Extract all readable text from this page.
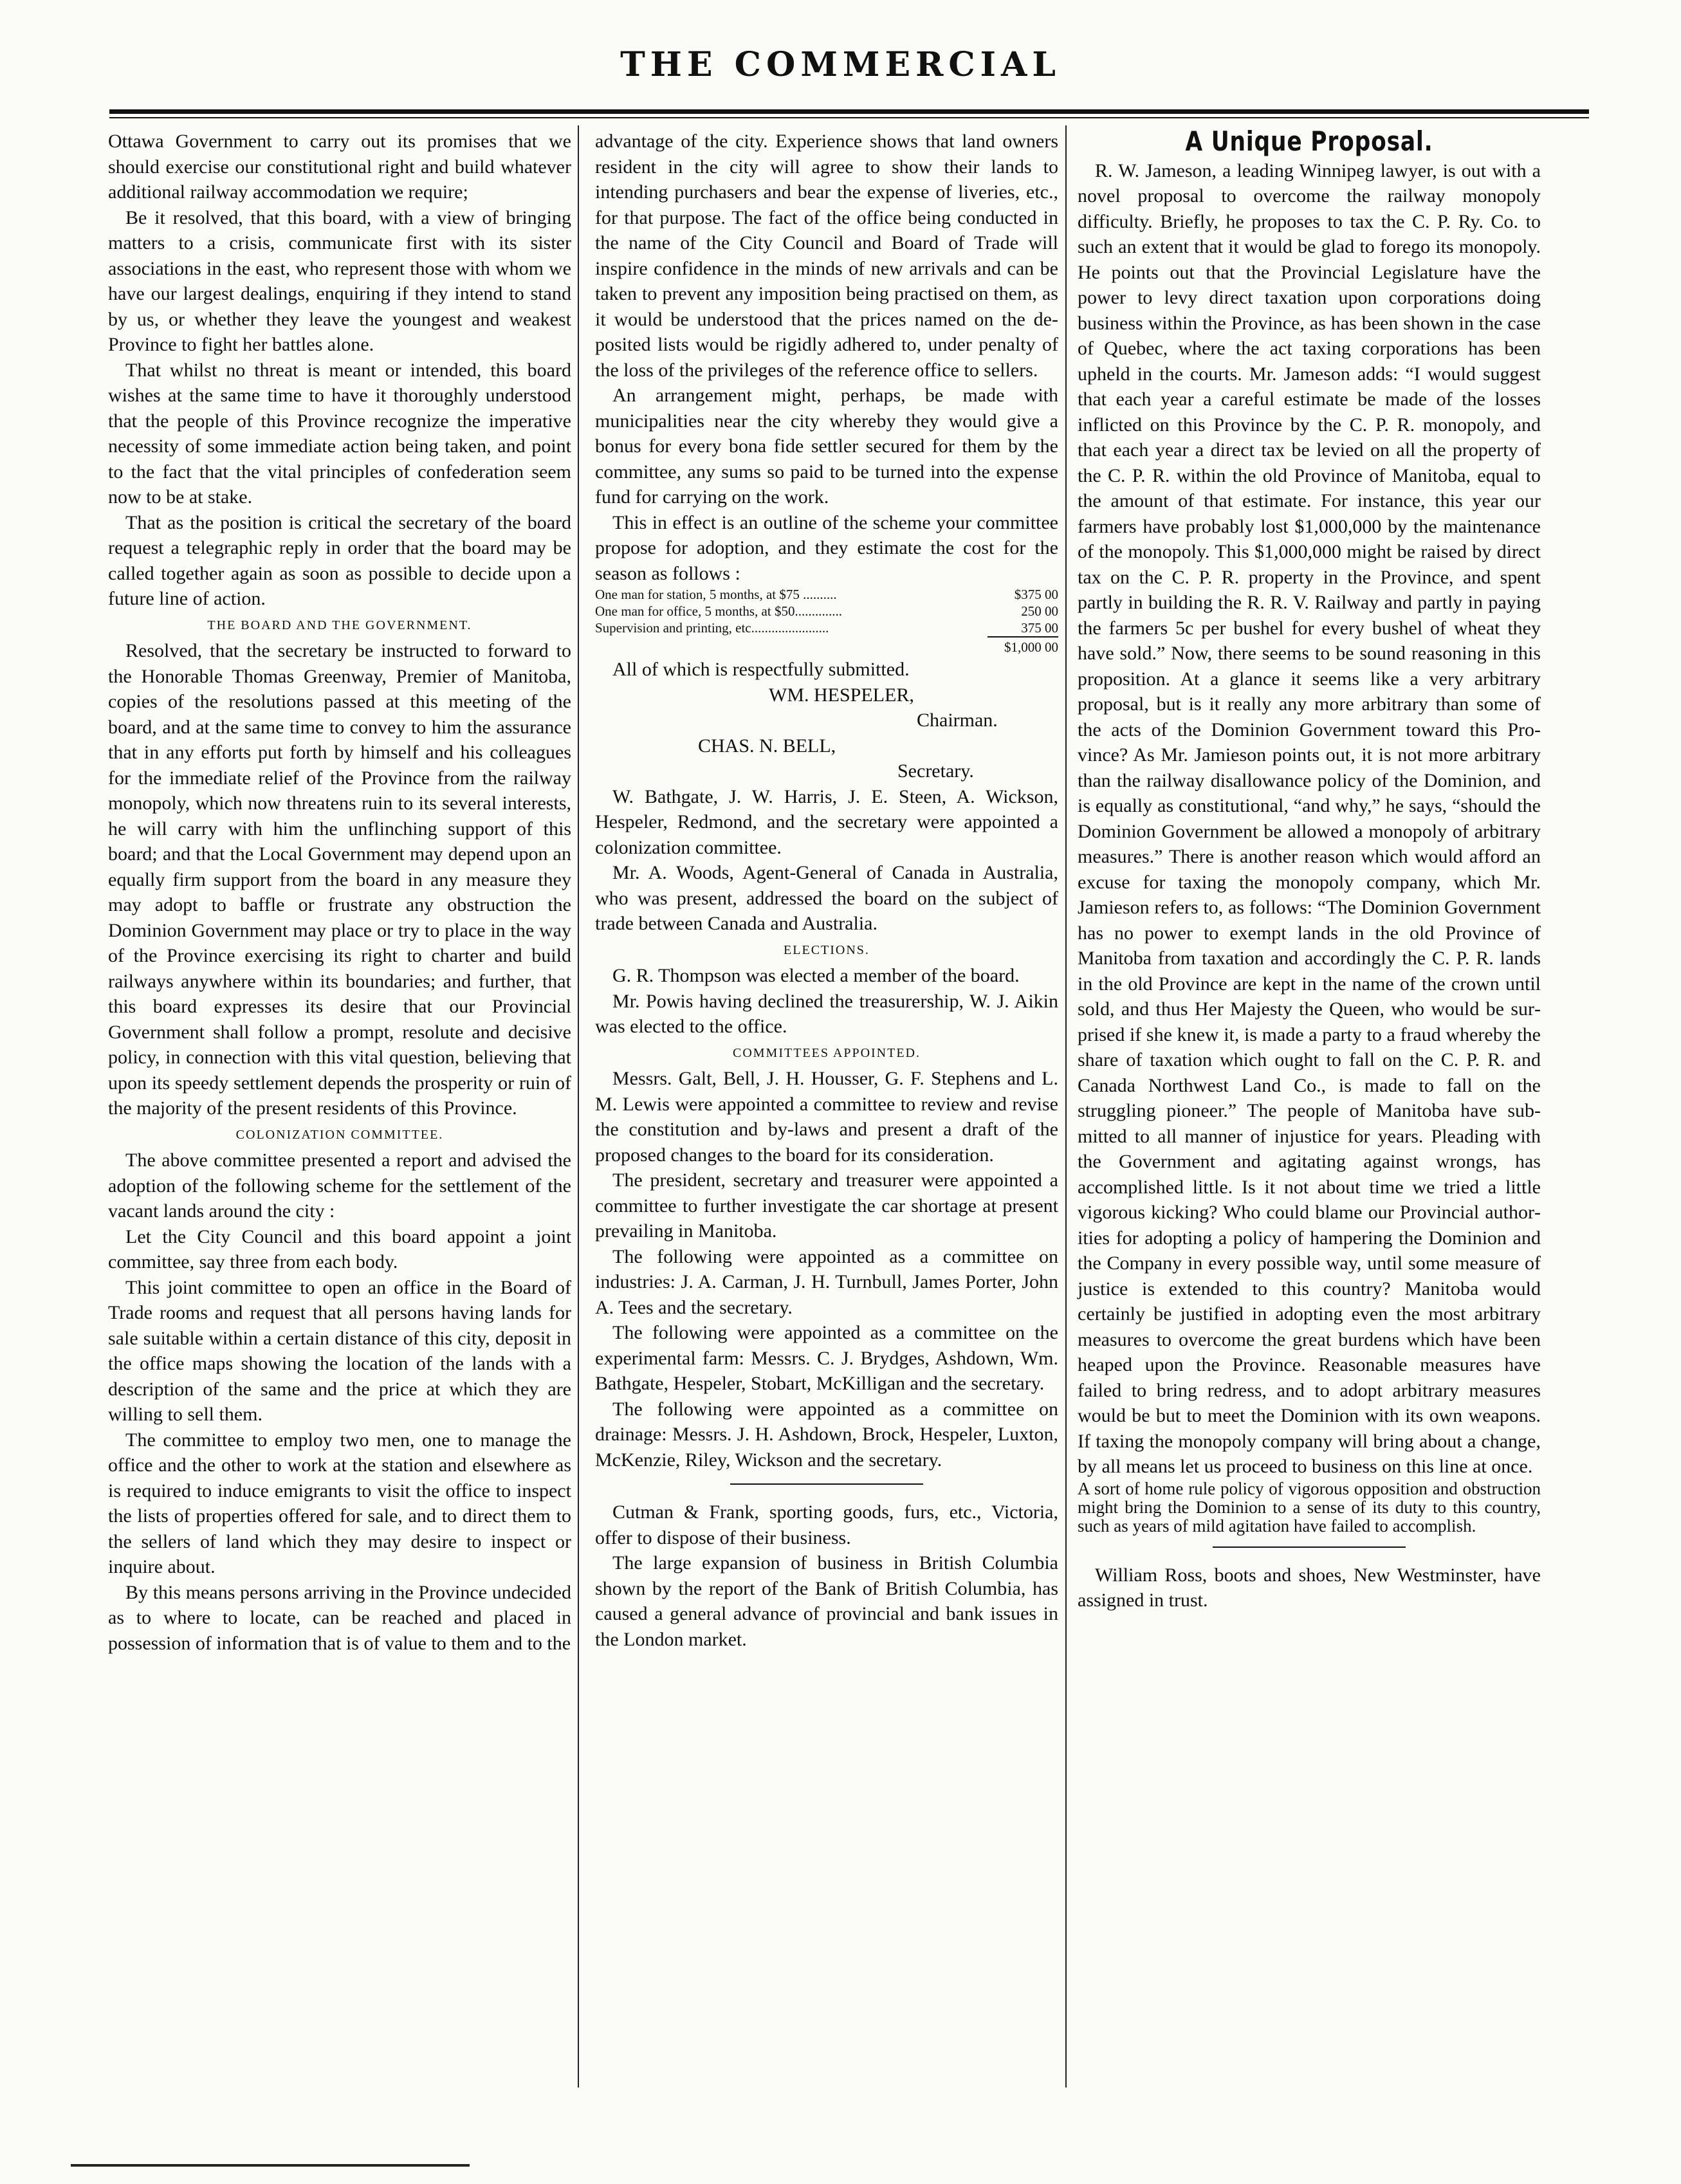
THE COMMERCIAL

Ottawa Government to carry out its promises that we should exercise our constitutional right and build whatever additional railway accommodation we require;

Be it resolved, that this board, with a view of bringing matters to a crisis, communicate first with its sister associations in the east, who represent those with whom we have our largest dealings, enquiring if they intend to stand by us, or whether they leave the youngest and weakest Province to fight her battles alone.

That whilst no threat is meant or intended, this board wishes at the same time to have it thoroughly understood that the people of this Province recognize the imperative necessity of some immediate action being taken, and point to the fact that the vital principles of confederation seem now to be at stake.

That as the position is critical the secretary of the board request a telegraphic reply in order that the board may be called together again as soon as possible to decide upon a future line of action.

THE BOARD AND THE GOVERNMENT.

Resolved, that the secretary be instructed to forward to the Honorable Thomas Greenway, Premier of Manitoba, copies of the resolutions passed at this meeting of the board, and at the same time to convey to him the assurance that in any efforts put forth by himself and his colleagues for the immediate relief of the Province from the railway monopoly, which now threatens ruin to its several interests, he will carry with him the unflinching support of this board; and that the Local Government may depend upon an equally firm support from the board in any measure they may adopt to baffle or frustrate any obstruction the Dominion Government may place or try to place in the way of the Province exercising its right to charter and build railways anywhere within its boundaries; and further, that this board expresses its desire that our Provincial Government shall follow a prompt, resolute and decisive policy, in connection with this vital question, believing that upon its speedy settlement depends the prosperity or ruin of the majority of the present residents of this Province.

COLONIZATION COMMITTEE.

The above committee presented a report and advised the adoption of the following scheme for the settlement of the vacant lands around the city :

Let the City Council and this board appoint a joint committee, say three from each body.

This joint committee to open an office in the Board of Trade rooms and request that all persons having lands for sale suitable within a certain distance of this city, deposit in the office maps showing the location of the lands with a description of the same and the price at which they are willing to sell them.

The committee to employ two men, one to manage the office and the other to work at the station and elsewhere as is required to induce emigrants to visit the office to inspect the lists of properties offered for sale, and to direct them to the sellers of land which they may desire to inspect or inquire about.

By this means persons arriving in the Province undecided as to where to locate, can be reached and placed in possession of information that is of value to them and to the

advantage of the city. Experience shows that land owners resident in the city will agree to show their lands to intending purchasers and bear the expense of liveries, etc., for that purpose. The fact of the office being conducted in the name of the City Council and Board of Trade will inspire confidence in the minds of new arrivals and can be taken to prevent any imposition being practised on them, as it would be understood that the prices named on the deposited lists would be rigidly adhered to, under penalty of the loss of the privileges of the reference office to sellers.

An arrangement might, perhaps, be made with municipalities near the city whereby they would give a bonus for every bona fide settler secured for them by the committee, any sums so paid to be turned into the expense fund for carrying on the work.

This in effect is an outline of the scheme your committee propose for adoption, and they estimate the cost for the season as follows :

One man for station, 5 months, at $75 ..........	$375 00
One man for office, 5 months, at $50..............	250 00
Supervision and printing, etc.......................	375 00
$1,000 00

All of which is respectfully submitted.

WM. HESPELER,
Chairman.
CHAS. N. BELL,
Secretary.

W. Bathgate, J. W. Harris, J. E. Steen, A. Wickson, Hespeler, Redmond, and the secretary were appointed a colonization committee.

Mr. A. Woods, Agent-General of Canada in Australia, who was present, addressed the board on the subject of trade between Canada and Australia.

ELECTIONS.

G. R. Thompson was elected a member of the board.

Mr. Powis having declined the treasurership, W. J. Aikin was elected to the office.

COMMITTEES APPOINTED.

Messrs. Galt, Bell, J. H. Housser, G. F. Stephens and L. M. Lewis were appointed a committee to review and revise the constitution and by-laws and present a draft of the proposed changes to the board for its consideration.

The president, secretary and treasurer were appointed a committee to further investigate the car shortage at present prevailing in Manitoba.

The following were appointed as a committee on industries: J. A. Carman, J. H. Turnbull, James Porter, John A. Tees and the secretary.

The following were appointed as a committee on the experimental farm: Messrs. C. J. Brydges, Ashdown, Wm. Bathgate, Hespeler, Stobart, McKilligan and the secretary.

The following were appointed as a committee on drainage: Messrs. J. H. Ashdown, Brock, Hespeler, Luxton, McKenzie, Riley, Wickson and the secretary.

Cutman & Frank, sporting goods, furs, etc., Victoria, offer to dispose of their business.

The large expansion of business in British Columbia shown by the report of the Bank of British Columbia, has caused a general advance of provincial and bank issues in the London market.

A Unique Proposal.

R. W. Jameson, a leading Winnipeg lawyer, is out with a novel proposal to overcome the railway monopoly difficulty. Briefly, he proposes to tax the C. P. Ry. Co. to such an extent that it would be glad to forego its monopoly. He points out that the Provincial Legislature have the power to levy direct taxation upon corporations doing business within the Province, as has been shown in the case of Quebec, where the act taxing corporations has been upheld in the courts. Mr. Jameson adds: “I would suggest that each year a careful estimate be made of the losses inflicted on this Province by the C. P. R. monopoly, and that each year a direct tax be levied on all the property of the C. P. R. within the old Province of Manitoba, equal to the amount of that estimate. For instance, this year our farmers have probably lost $1,000,000 by the maintenance of the monopoly. This $1,000,000 might be raised by direct tax on the C. P. R. property in the Province, and spent partly in building the R. R. V. Railway and partly in paying the farmers 5c per bushel for every bushel of wheat they have sold.” Now, there seems to be sound reasoning in this proposition. At a glance it seems like a very arbitrary proposal, but is it really any more arbitrary than some of the acts of the Dominion Government toward this Province? As Mr. Jamieson points out, it is not more arbitrary than the railway disallowance policy of the Dominion, and is equally as constitutional, “and why,” he says, “should the Dominion Government be allowed a monopoly of arbitrary measures.” There is another reason which would afford an excuse for taxing the monopoly company, which Mr. Jamieson refers to, as follows: “The Dominion Government has no power to exempt lands in the old Province of Manitoba from taxation and accordingly the C. P. R. lands in the old Province are kept in the name of the crown until sold, and thus Her Majesty the Queen, who would be surprised if she knew it, is made a party to a fraud whereby the share of taxation which ought to fall on the C. P. R. and Canada Northwest Land Co., is made to fall on the struggling pioneer.” The people of Manitoba have submitted to all manner of injustice for years. Pleading with the Government and agitating against wrongs, has accomplished little. Is it not about time we tried a little vigorous kicking? Who could blame our Provincial authorities for adopting a policy of hampering the Dominion and the Company in every possible way, until some measure of justice is extended to this country? Manitoba would certainly be justified in adopting even the most arbitrary measures to overcome the great burdens which have been heaped upon the Province. Reasonable measures have failed to bring redress, and to adopt arbitrary measures would be but to meet the Dominion with its own weapons. If taxing the monopoly company will bring about a change, by all means let us proceed to business on this line at once.

A sort of home rule policy of vigorous opposition and obstruction might bring the Dominion to a sense of its duty to this country, such as years of mild agitation have failed to accomplish.

William Ross, boots and shoes, New Westminster, have assigned in trust.
